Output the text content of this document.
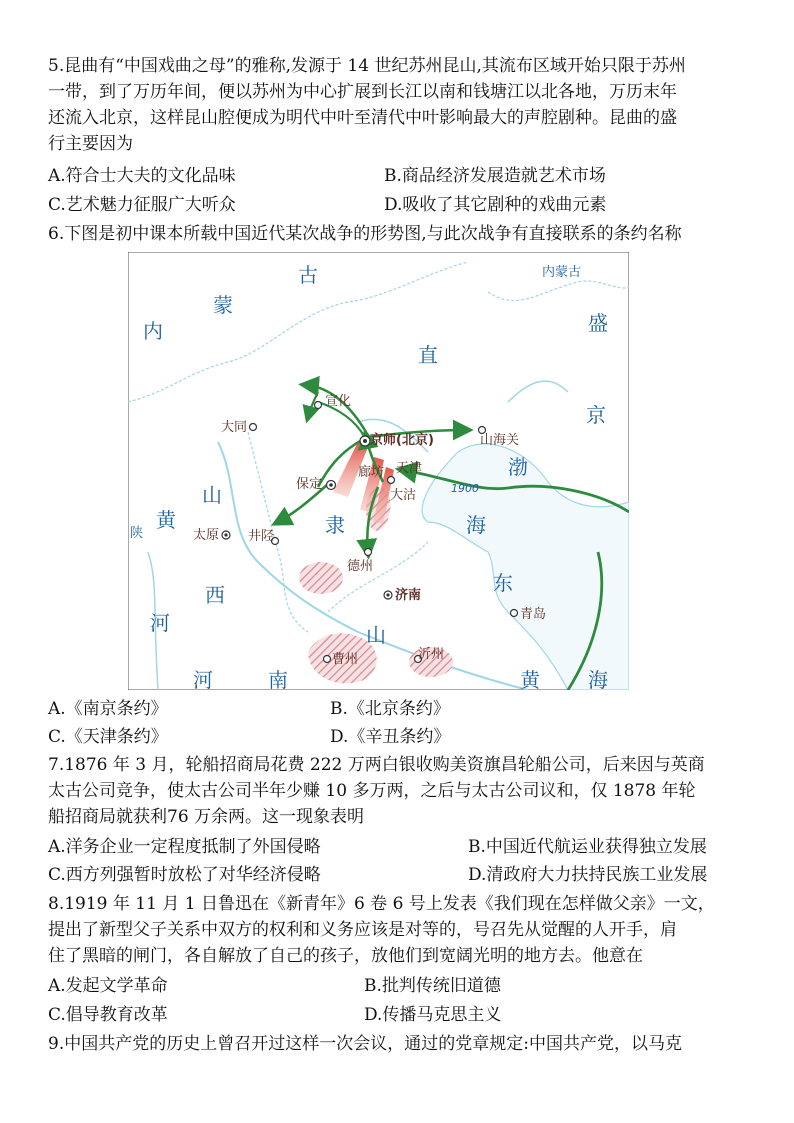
5.昆曲有“中国戏曲之母”的雅称,发源于 14 世纪苏州昆山,其流布区域开始只限于苏州
一带，到了万历年间，便以苏州为中心扩展到长江以南和钱塘江以北各地，万历末年
还流入北京，这样昆山腔便成为明代中叶至清代中叶影响最大的声腔剧种。昆曲的盛
行主要因为
A.符合士大夫的文化品味	B.商品经济发展造就艺术市场
C.艺术魅力征服广大听众	D.吸收了其它剧种的戏曲元素
6.下图是初中课本所载中国近代某次战争的形势图,与此次战争有直接联系的条约名称
古
蒙
内	盛
京
直
隶
渤
海
山
西
黄
河
河	南
山
东
黄 海
陕
内蒙古
宣化
大同
京师(北京)	山海关
廊坊 天津
保定
大沽
太原 井陉
德州
济南
青岛
曹州	沂州
1900
A.《南京条约》	B.《北京条约》
C.《天津条约》	D.《辛丑条约》
7.1876 年 3 月，轮船招商局花费 222 万两白银收购美资旗昌轮船公司，后来因与英商
太古公司竞争，使太古公司半年少赚 10 多万两，之后与太古公司议和，仅 1878 年轮
船招商局就获利76 万余两。这一现象表明
A.洋务企业一定程度抵制了外国侵略	B.中国近代航运业获得独立发展
C.西方列强暂时放松了对华经济侵略	D.清政府大力扶持民族工业发展
8.1919 年 11 月 1 日鲁迅在《新青年》6 卷 6 号上发表《我们现在怎样做父亲》一文，
提出了新型父子关系中双方的权利和义务应该是对等的，号召先从觉醒的人开手，肩
住了黑暗的闸门，各自解放了自己的孩子，放他们到宽阔光明的地方去。他意在
A.发起文学革命	B.批判传统旧道德
C.倡导教育改革	D.传播马克思主义
9.中国共产党的历史上曾召开过这样一次会议，通过的党章规定:中国共产党，以马克
